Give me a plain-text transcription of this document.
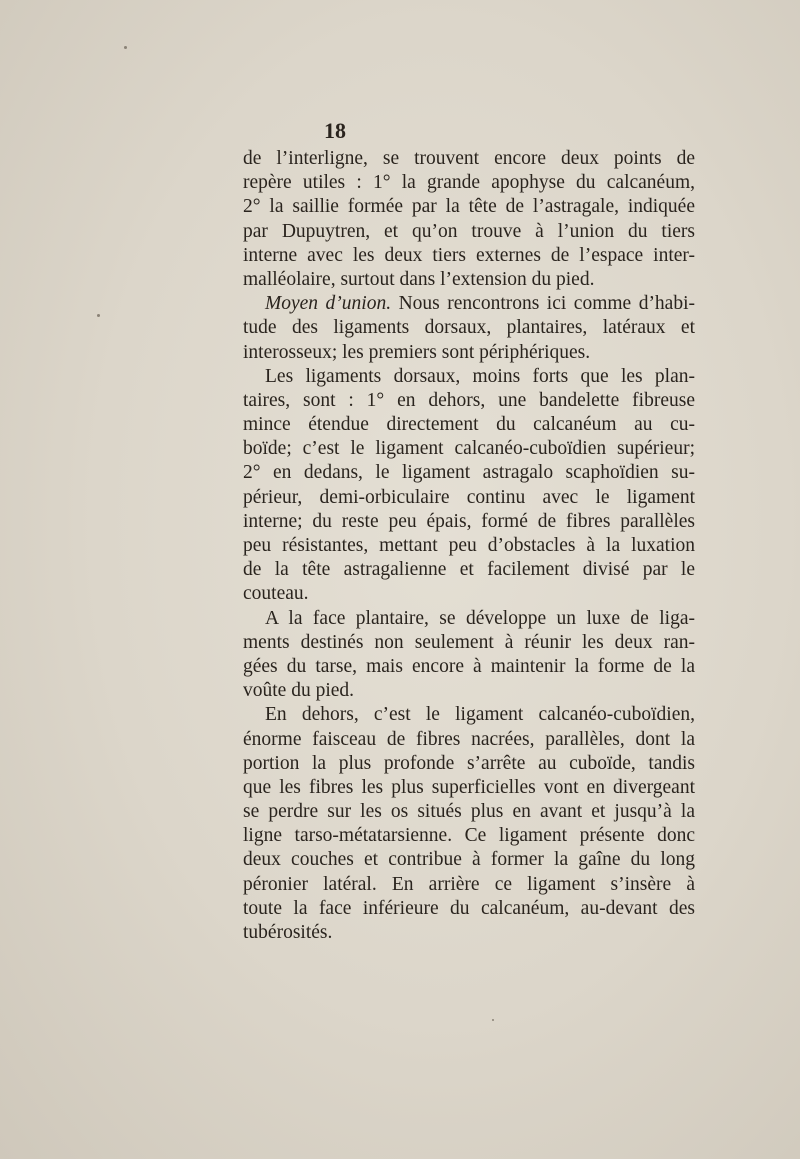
18
de l’interligne, se trouvent encore deux points de
repère utiles : 1° la grande apophyse du calcanéum,
2° la saillie formée par la tête de l’astragale, indiquée
par Dupuytren, et qu’on trouve à l’union du tiers
interne avec les deux tiers externes de l’espace inter-
malléolaire, surtout dans l’extension du pied.
Moyen d’union. Nous rencontrons ici comme d’habi-
tude des ligaments dorsaux, plantaires, latéraux et
interosseux; les premiers sont périphériques.
Les ligaments dorsaux, moins forts que les plan-
taires, sont : 1° en dehors, une bandelette fibreuse
mince étendue directement du calcanéum au cu-
boïde; c’est le ligament calcanéo-cuboïdien supérieur;
2° en dedans, le ligament astragalo scaphoïdien su-
périeur, demi-orbiculaire continu avec le ligament
interne; du reste peu épais, formé de fibres parallèles
peu résistantes, mettant peu d’obstacles à la luxation
de la tête astragalienne et facilement divisé par le
couteau.
A la face plantaire, se développe un luxe de liga-
ments destinés non seulement à réunir les deux ran-
gées du tarse, mais encore à maintenir la forme de la
voûte du pied.
En dehors, c’est le ligament calcanéo-cuboïdien,
énorme faisceau de fibres nacrées, parallèles, dont la
portion la plus profonde s’arrête au cuboïde, tandis
que les fibres les plus superficielles vont en divergeant
se perdre sur les os situés plus en avant et jusqu’à la
ligne tarso-métatarsienne. Ce ligament présente donc
deux couches et contribue à former la gaîne du long
péronier latéral. En arrière ce ligament s’insère à
toute la face inférieure du calcanéum, au-devant des
tubérosités.
